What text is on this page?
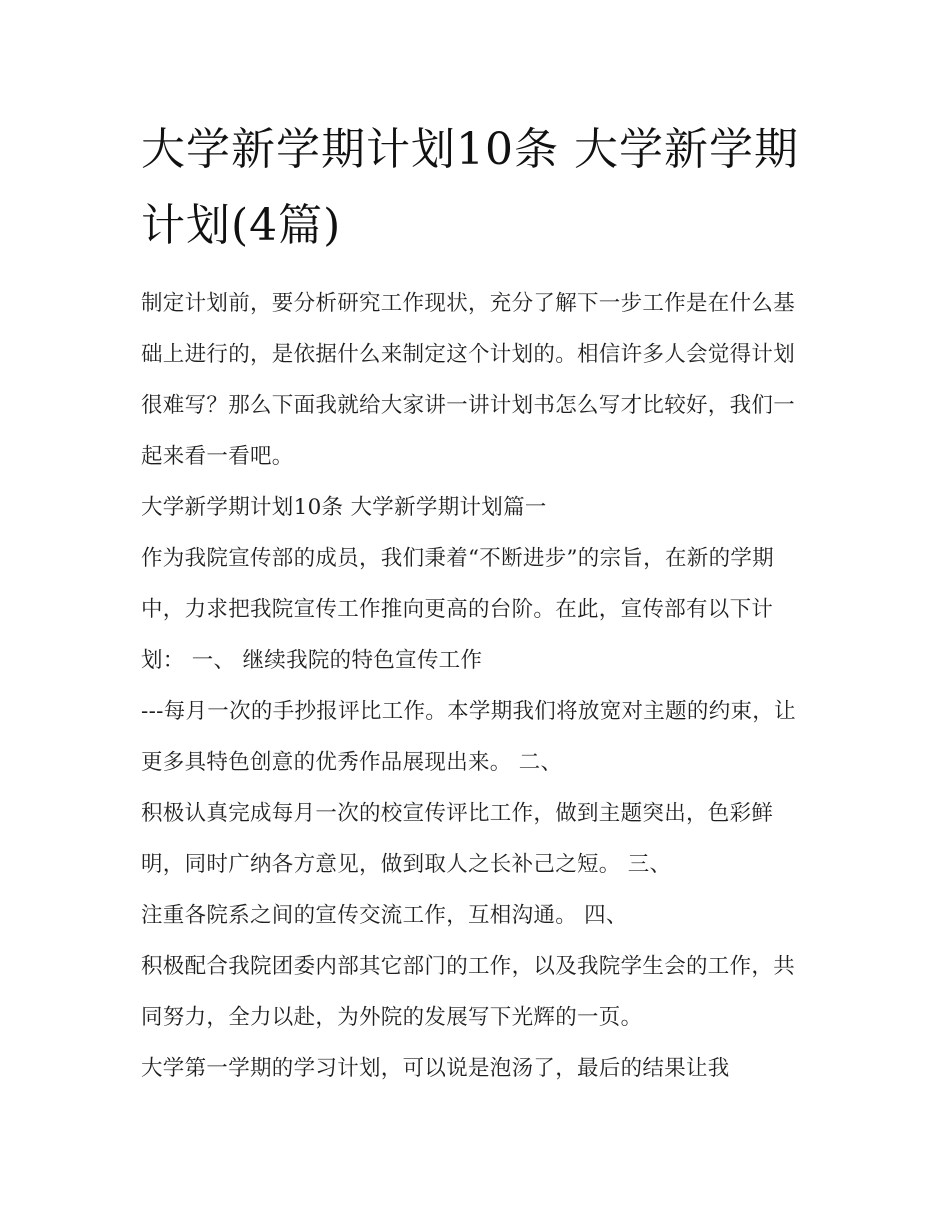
大学新学期计划10条 大学新学期计划(4篇)

制定计划前，要分析研究工作现状，充分了解下一步工作是在什么基础上进行的，是依据什么来制定这个计划的。相信许多人会觉得计划很难写？那么下面我就给大家讲一讲计划书怎么写才比较好，我们一起来看一看吧。

大学新学期计划10条 大学新学期计划篇一

作为我院宣传部的成员，我们秉着“不断进步”的宗旨，在新的学期中，力求把我院宣传工作推向更高的台阶。在此，宣传部有以下计划： 一、 继续我院的特色宣传工作

---每月一次的手抄报评比工作。本学期我们将放宽对主题的约束，让更多具特色创意的优秀作品展现出来。 二、

积极认真完成每月一次的校宣传评比工作，做到主题突出，色彩鲜明，同时广纳各方意见，做到取人之长补己之短。 三、

注重各院系之间的宣传交流工作，互相沟通。 四、

积极配合我院团委内部其它部门的工作，以及我院学生会的工作，共同努力，全力以赴，为外院的发展写下光辉的一页。

大学第一学期的学习计划，可以说是泡汤了，最后的结果让我
